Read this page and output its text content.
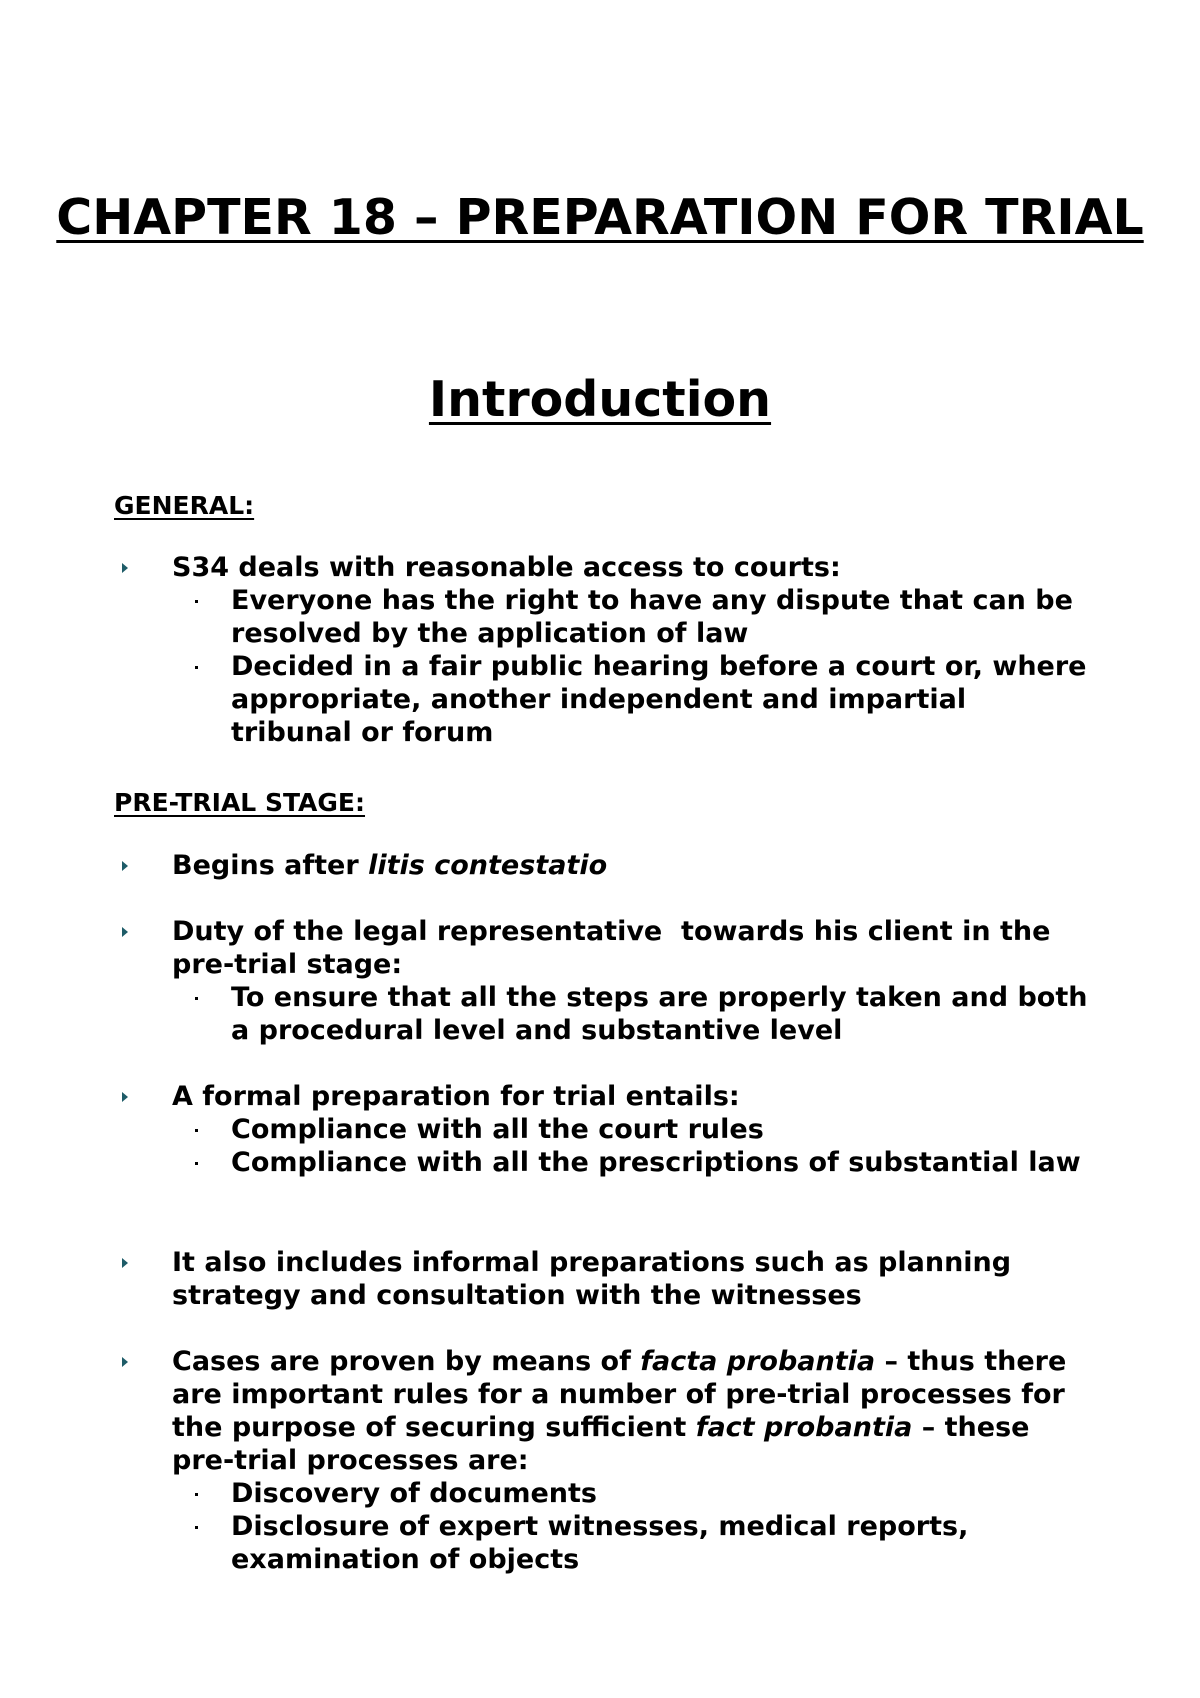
CHAPTER 18 – PREPARATION FOR TRIAL
Introduction
GENERAL:
S34 deals with reasonable access to courts:
Everyone has the right to have any dispute that can be resolved by the application of law
Decided in a fair public hearing before a court or, where appropriate, another independent and impartial tribunal or forum
PRE-TRIAL STAGE:
Begins after litis contestatio
Duty of the legal representative  towards his client in the pre-trial stage:
To ensure that all the steps are properly taken and both a procedural level and substantive level
A formal preparation for trial entails:
Compliance with all the court rules
Compliance with all the prescriptions of substantial law
It also includes informal preparations such as planning strategy and consultation with the witnesses
Cases are proven by means of facta probantia – thus there are important rules for a number of pre-trial processes for the purpose of securing sufficient fact probantia – these pre-trial processes are:
Discovery of documents
Disclosure of expert witnesses, medical reports, examination of objects
